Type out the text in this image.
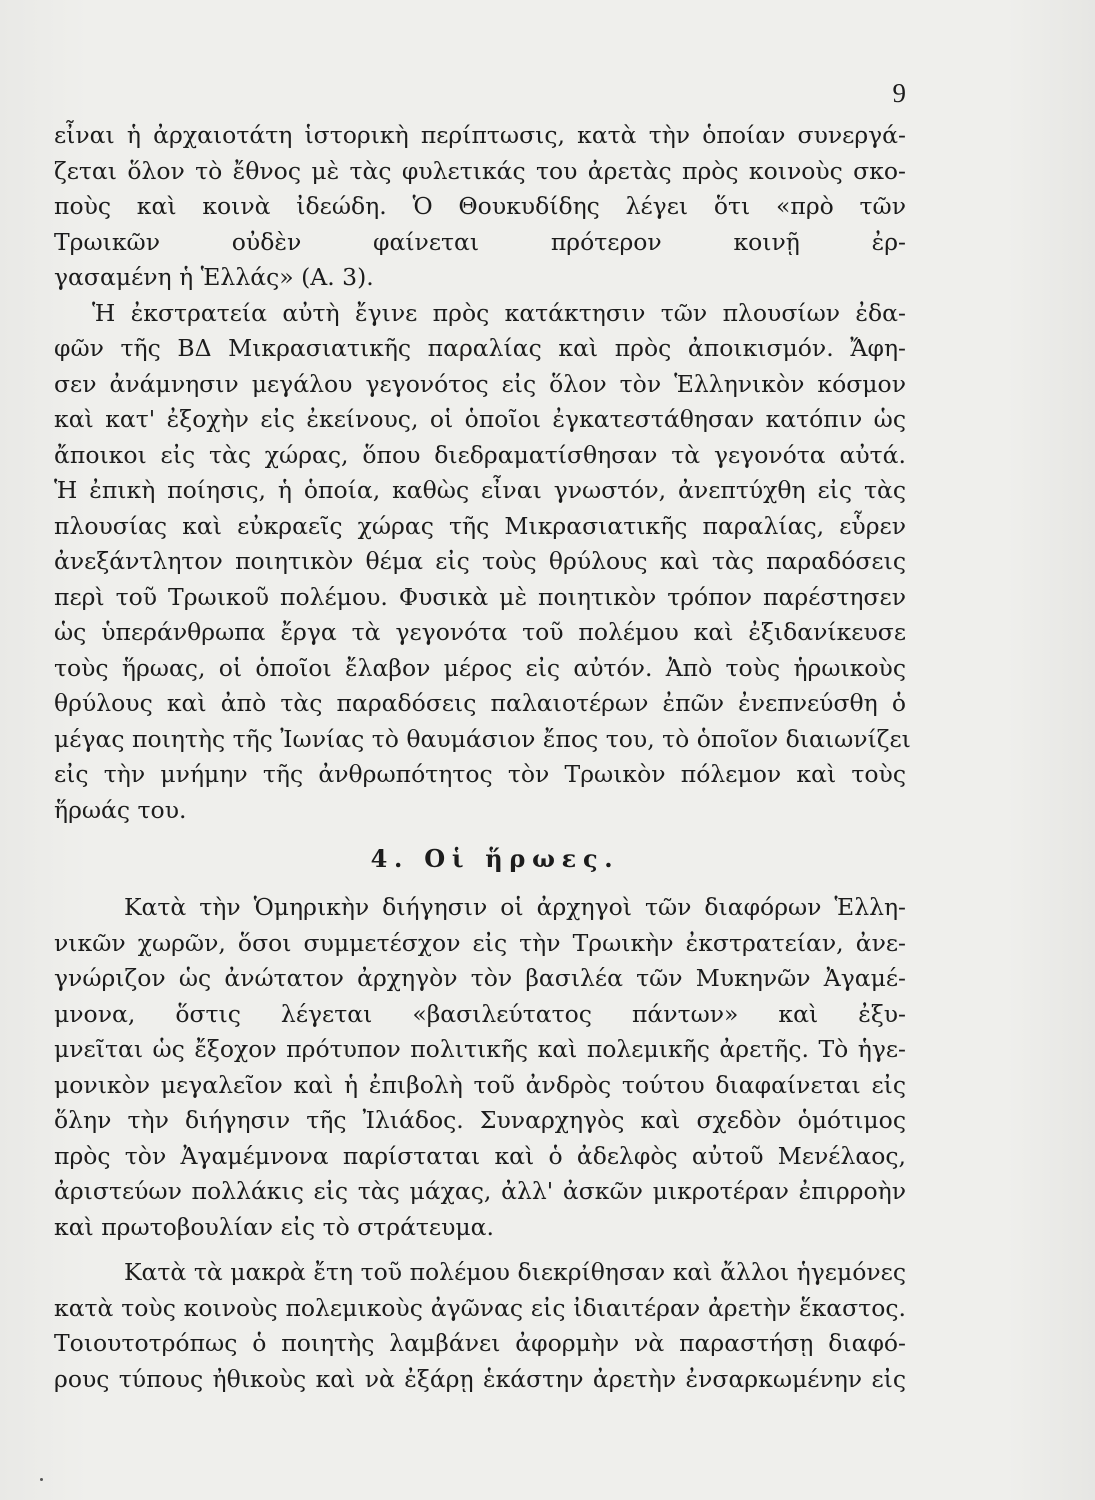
9
εἶναι ἡ ἀρχαιοτάτη ἱστορικὴ περίπτωσις, κατὰ τὴν ὁποίαν συνεργά-
ζεται ὅλον τὸ ἔθνος μὲ τὰς φυλετικάς του ἀρετὰς πρὸς κοινοὺς σκο-
ποὺς καὶ κοινὰ ἰδεώδη. Ὁ Θουκυδίδης λέγει ὅτι «πρὸ τῶν
Τρωικῶν οὐδὲν φαίνεται πρότερον κοινῇ ἐρ-
γασαμένη ἡ Ἑλλάς» (Α. 3).
Ἡ ἐκστρατεία αὐτὴ ἔγινε πρὸς κατάκτησιν τῶν πλουσίων ἐδα-
φῶν τῆς ΒΔ Μικρασιατικῆς παραλίας καὶ πρὸς ἀποικισμόν. Ἄφη-
σεν ἀνάμνησιν μεγάλου γεγονότος εἰς ὅλον τὸν Ἑλληνικὸν κόσμον
καὶ κατ' ἐξοχὴν εἰς ἐκείνους, οἱ ὁποῖοι ἐγκατεστάθησαν κατόπιν ὡς
ἄποικοι εἰς τὰς χώρας, ὅπου διεδραματίσθησαν τὰ γεγονότα αὐτά.
Ἡ ἐπικὴ ποίησις, ἡ ὁποία, καθὼς εἶναι γνωστόν, ἀνεπτύχθη εἰς τὰς
πλουσίας καὶ εὐκραεῖς χώρας τῆς Μικρασιατικῆς παραλίας, εὗρεν
ἀνεξάντλητον ποιητικὸν θέμα εἰς τοὺς θρύλους καὶ τὰς παραδόσεις
περὶ τοῦ Τρωικοῦ πολέμου. Φυσικὰ μὲ ποιητικὸν τρόπον παρέστησεν
ὡς ὑπεράνθρωπα ἔργα τὰ γεγονότα τοῦ πολέμου καὶ ἐξιδανίκευσε
τοὺς ἥρωας, οἱ ὁποῖοι ἔλαβον μέρος εἰς αὐτόν. Ἀπὸ τοὺς ἡρωικοὺς
θρύλους καὶ ἀπὸ τὰς παραδόσεις παλαιοτέρων ἐπῶν ἐνεπνεύσθη ὁ
μέγας ποιητὴς τῆς Ἰωνίας τὸ θαυμάσιον ἔπος του, τὸ ὁποῖον διαιωνίζει
εἰς τὴν μνήμην τῆς ἀνθρωπότητος τὸν Τρωικὸν πόλεμον καὶ τοὺς
ἥρωάς του.
4. Οἱ ἥρωες.
Κατὰ τὴν Ὁμηρικὴν διήγησιν οἱ ἀρχηγοὶ τῶν διαφόρων Ἑλλη-
νικῶν χωρῶν, ὅσοι συμμετέσχον εἰς τὴν Τρωικὴν ἐκστρατείαν, ἀνε-
γνώριζον ὡς ἀνώτατον ἀρχηγὸν τὸν βασιλέα τῶν Μυκηνῶν Ἀγαμέ-
μνονα, ὅστις λέγεται «βασιλεύτατος πάντων» καὶ ἐξυ-
μνεῖται ὡς ἔξοχον πρότυπον πολιτικῆς καὶ πολεμικῆς ἀρετῆς. Τὸ ἡγε-
μονικὸν μεγαλεῖον καὶ ἡ ἐπιβολὴ τοῦ ἀνδρὸς τούτου διαφαίνεται εἰς
ὅλην τὴν διήγησιν τῆς Ἰλιάδος. Συναρχηγὸς καὶ σχεδὸν ὁμότιμος
πρὸς τὸν Ἀγαμέμνονα παρίσταται καὶ ὁ ἀδελφὸς αὐτοῦ Μενέλαος,
ἀριστεύων πολλάκις εἰς τὰς μάχας, ἀλλ' ἀσκῶν μικροτέραν ἐπιρροὴν
καὶ πρωτοβουλίαν εἰς τὸ στράτευμα.
Κατὰ τὰ μακρὰ ἔτη τοῦ πολέμου διεκρίθησαν καὶ ἄλλοι ἡγεμόνες
κατὰ τοὺς κοινοὺς πολεμικοὺς ἀγῶνας εἰς ἰδιαιτέραν ἀρετὴν ἕκαστος.
Τοιουτοτρόπως ὁ ποιητὴς λαμβάνει ἀφορμὴν νὰ παραστήσῃ διαφό-
ρους τύπους ἠθικοὺς καὶ νὰ ἐξάρῃ ἑκάστην ἀρετὴν ἐνσαρκωμένην εἰς
